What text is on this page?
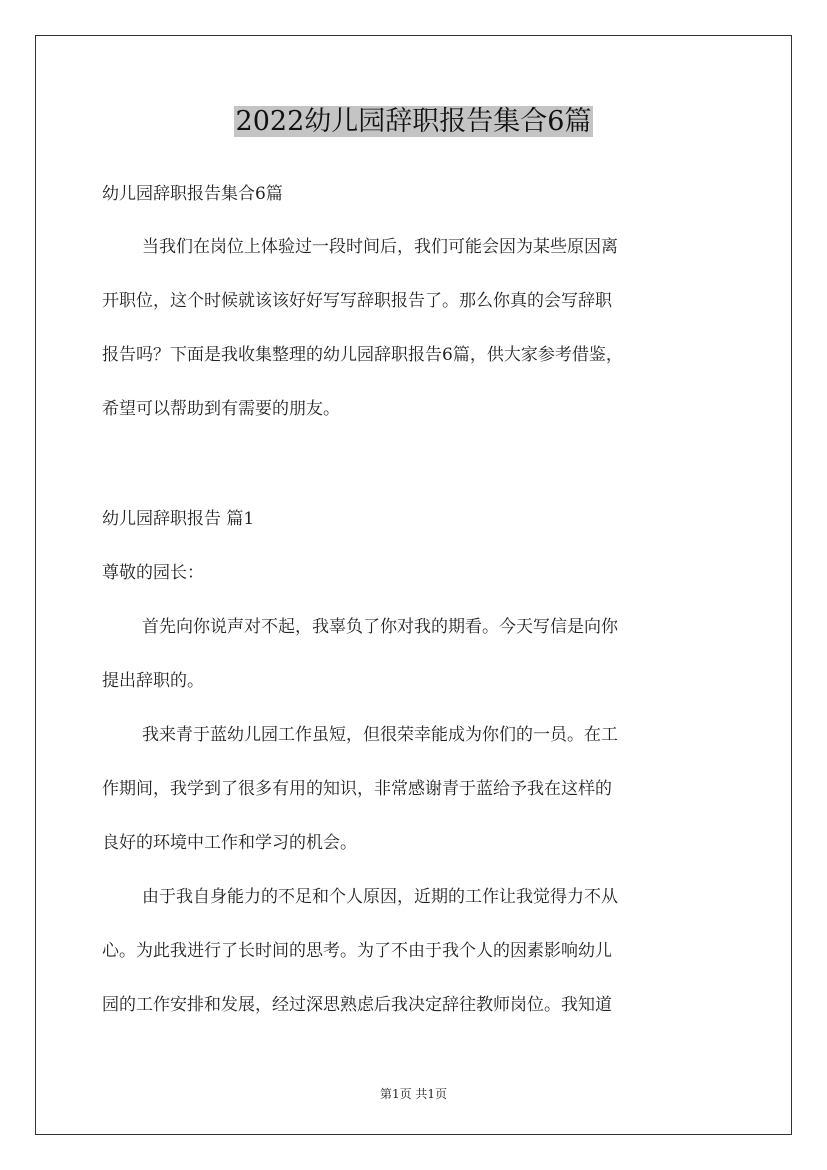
2022幼儿园辞职报告集合6篇
幼儿园辞职报告集合6篇
当我们在岗位上体验过一段时间后，我们可能会因为某些原因离
开职位，这个时候就该该好好写写辞职报告了。那么你真的会写辞职
报告吗？下面是我收集整理的幼儿园辞职报告6篇，供大家参考借鉴，
希望可以帮助到有需要的朋友。
幼儿园辞职报告 篇1
尊敬的园长：
首先向你说声对不起，我辜负了你对我的期看。今天写信是向你
提出辞职的。
我来青于蓝幼儿园工作虽短，但很荣幸能成为你们的一员。在工
作期间，我学到了很多有用的知识，非常感谢青于蓝给予我在这样的
良好的环境中工作和学习的机会。
由于我自身能力的不足和个人原因，近期的工作让我觉得力不从
心。为此我进行了长时间的思考。为了不由于我个人的因素影响幼儿
园的工作安排和发展，经过深思熟虑后我决定辞往教师岗位。我知道
第1页 共1页
